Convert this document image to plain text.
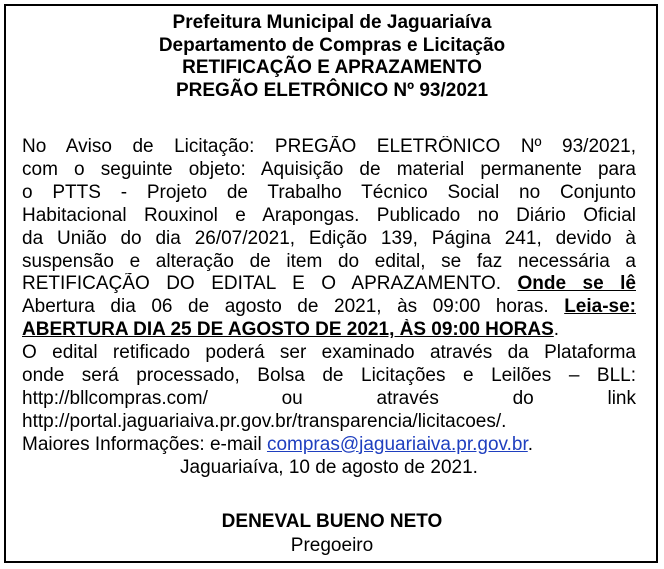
Prefeitura Municipal de Jaguariaíva
Departamento de Compras e Licitação
RETIFICAÇÃO E APRAZAMENTO
PREGÃO ELETRÔNICO Nº 93/2021
No Aviso de Licitação: PREGÃO ELETRÔNICO Nº 93/2021,
com o seguinte objeto: Aquisição de material permanente para
o PTTS - Projeto de Trabalho Técnico Social no Conjunto
Habitacional Rouxinol e Arapongas. Publicado no Diário Oficial
da União do dia 26/07/2021, Edição 139, Página 241, devido à
suspensão e alteração de item do edital, se faz necessária a
RETIFICAÇÃO DO EDITAL E O APRAZAMENTO. Onde se lê
Abertura dia 06 de agosto de 2021, às 09:00 horas. Leia-se:
ABERTURA DIA 25 DE AGOSTO DE 2021, ÀS 09:00 HORAS.
O edital retificado poderá ser examinado através da Plataforma
onde será processado, Bolsa de Licitações e Leilões – BLL:
http://bllcompras.com/        ou        através        do        link
http://portal.jaguariaiva.pr.gov.br/transparencia/licitacoes/.
Maiores Informações: e-mail compras@jaguariaiva.pr.gov.br.
Jaguariaíva, 10 de agosto de 2021.
DENEVAL BUENO NETO
Pregoeiro
